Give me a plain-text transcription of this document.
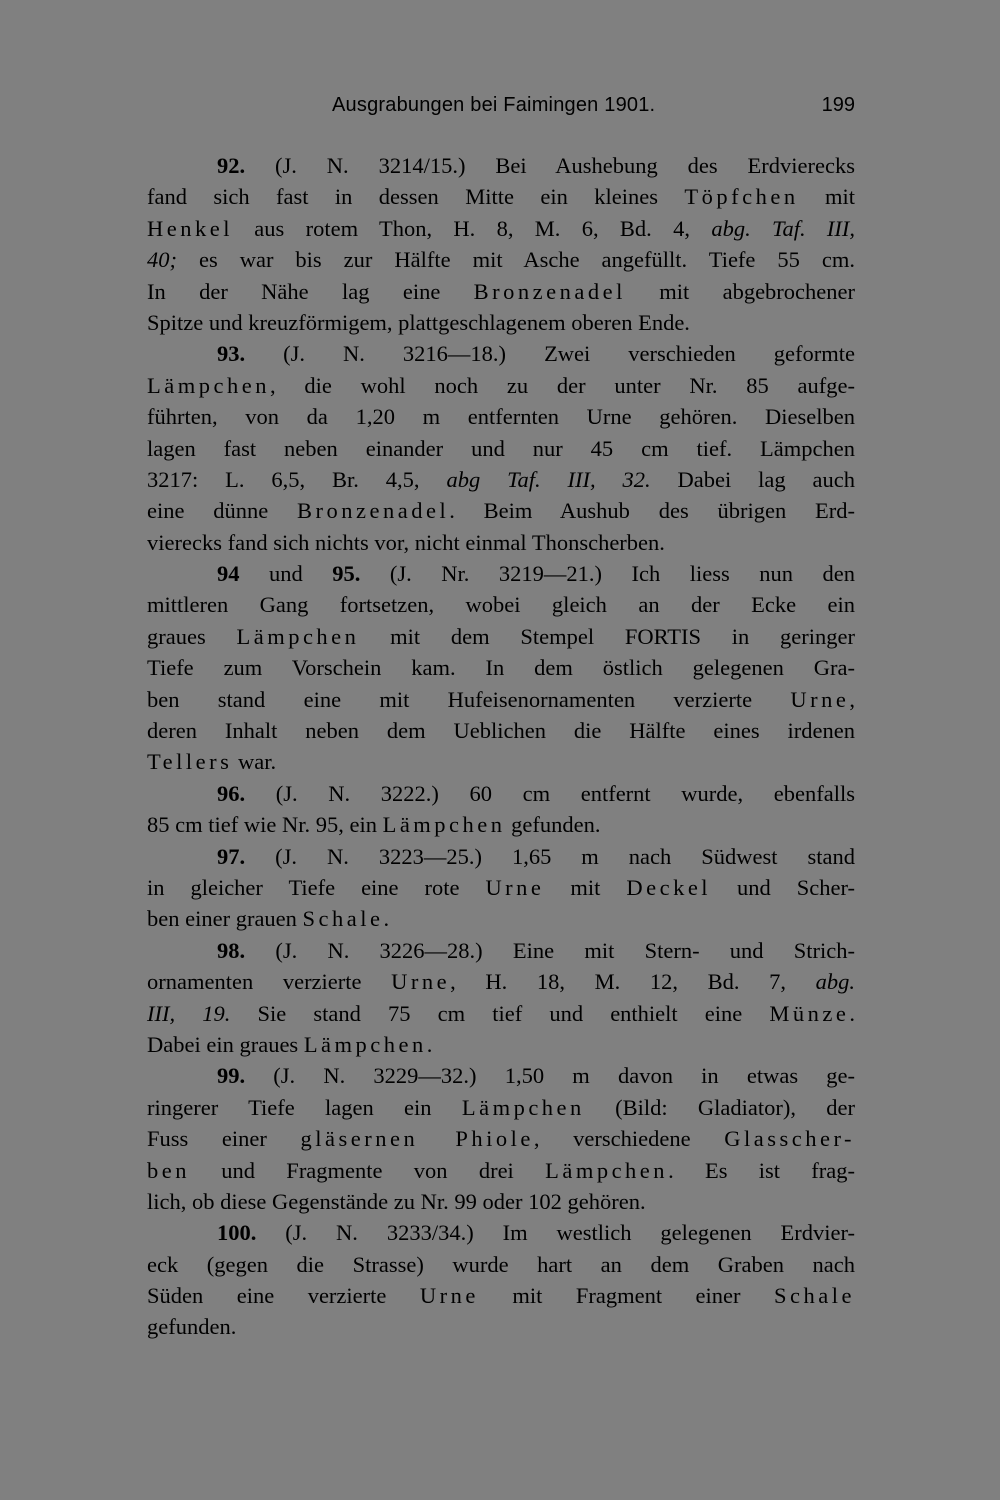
Ausgrabungen bei Faimingen 1901.	199
92. (J. N. 3214/15.) Bei Aushebung des Erdvierecks
fand sich fast in dessen Mitte ein kleines Töpfchen mit
Henkel aus rotem Thon, H. 8, M. 6, Bd. 4, abg. Taf. III,
40; es war bis zur Hälfte mit Asche angefüllt. Tiefe 55 cm.
In der Nähe lag eine Bronzenadel mit abgebrochener
Spitze und kreuzförmigem, plattgeschlagenem oberen Ende.
93. (J. N. 3216—18.) Zwei verschieden geformte
Lämpchen, die wohl noch zu der unter Nr. 85 aufge-
führten, von da 1,20 m entfernten Urne gehören. Dieselben
lagen fast neben einander und nur 45 cm tief. Lämpchen
3217: L. 6,5, Br. 4,5, abg Taf. III, 32. Dabei lag auch
eine dünne Bronzenadel. Beim Aushub des übrigen Erd-
vierecks fand sich nichts vor, nicht einmal Thonscherben.
94 und 95. (J. Nr. 3219—21.) Ich liess nun den
mittleren Gang fortsetzen, wobei gleich an der Ecke ein
graues Lämpchen mit dem Stempel FORTIS in geringer
Tiefe zum Vorschein kam. In dem östlich gelegenen Gra-
ben stand eine mit Hufeisenornamenten verzierte Urne,
deren Inhalt neben dem Ueblichen die Hälfte eines irdenen
Tellers war.
96. (J. N. 3222.) 60 cm entfernt wurde, ebenfalls
85 cm tief wie Nr. 95, ein Lämpchen gefunden.
97. (J. N. 3223—25.) 1,65 m nach Südwest stand
in gleicher Tiefe eine rote Urne mit Deckel und Scher-
ben einer grauen Schale.
98. (J. N. 3226—28.) Eine mit Stern- und Strich-
ornamenten verzierte Urne, H. 18, M. 12, Bd. 7, abg.
III, 19. Sie stand 75 cm tief und enthielt eine Münze.
Dabei ein graues Lämpchen.
99. (J. N. 3229—32.) 1,50 m davon in etwas ge-
ringerer Tiefe lagen ein Lämpchen (Bild: Gladiator), der
Fuss einer gläsernen Phiole, verschiedene Glasscher-
ben und Fragmente von drei Lämpchen. Es ist frag-
lich, ob diese Gegenstände zu Nr. 99 oder 102 gehören.
100. (J. N. 3233/34.) Im westlich gelegenen Erdvier-
eck (gegen die Strasse) wurde hart an dem Graben nach
Süden eine verzierte Urne mit Fragment einer Schale
gefunden.
